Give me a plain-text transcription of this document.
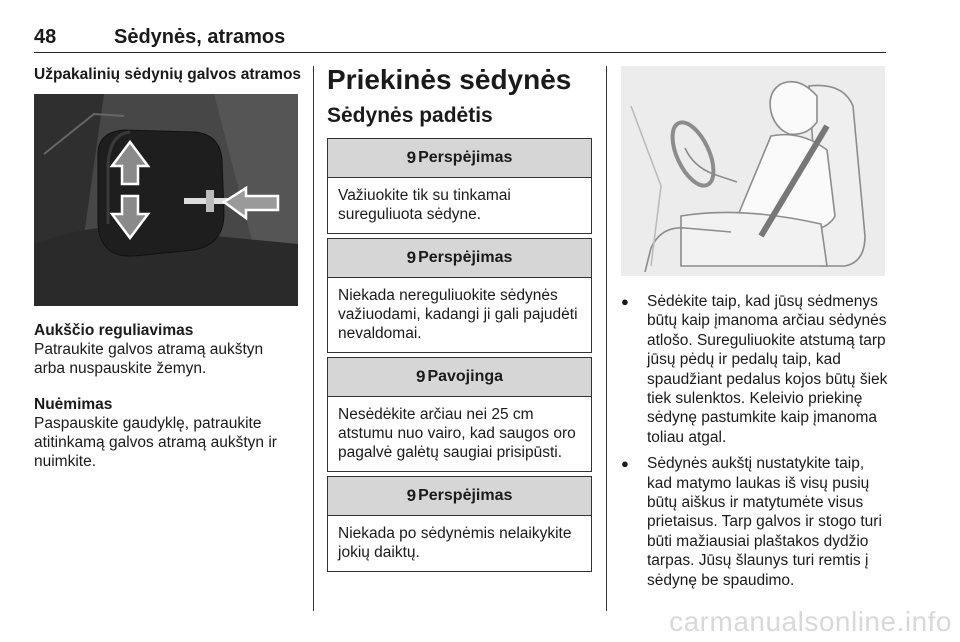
48	Sėdynės, atramos
Užpakalinių sėdynių galvos atramos
Aukščio reguliavimas
Patraukite galvos atramą aukštyn arba nuspauskite žemyn.
Nuėmimas
Paspauskite gaudyklę, patraukite atitinkamą galvos atramą aukštyn ir nuimkite.
Priekinės sėdynės
Sėdynės padėtis
9 Perspėjimas
Važiuokite tik su tinkamai sureguliuota sėdyne.
9 Perspėjimas
Niekada nereguliuokite sėdynės važiuodami, kadangi ji gali pajudėti nevaldomai.
9 Pavojinga
Nesėdėkite arčiau nei 25 cm atstumu nuo vairo, kad saugos oro pagalvė galėtų saugiai prisipūsti.
9 Perspėjimas
Niekada po sėdynėmis nelaikykite jokių daiktų.
●	Sėdėkite taip, kad jūsų sėdmenys būtų kaip įmanoma arčiau sėdynės atlošo. Sureguliuokite atstumą tarp jūsų pėdų ir pedalų taip, kad spaudžiant pedalus kojos būtų šiek tiek sulenktos. Keleivio priekinę sėdynę pastumkite kaip įmanoma toliau atgal.
●	Sėdynės aukštį nustatykite taip, kad matymo laukas iš visų pusių būtų aiškus ir matytumėte visus prietaisus. Tarp galvos ir stogo turi būti mažiausiai plaštakos dydžio tarpas. Jūsų šlaunys turi remtis į sėdynę be spaudimo.
carmanualsonline.info
